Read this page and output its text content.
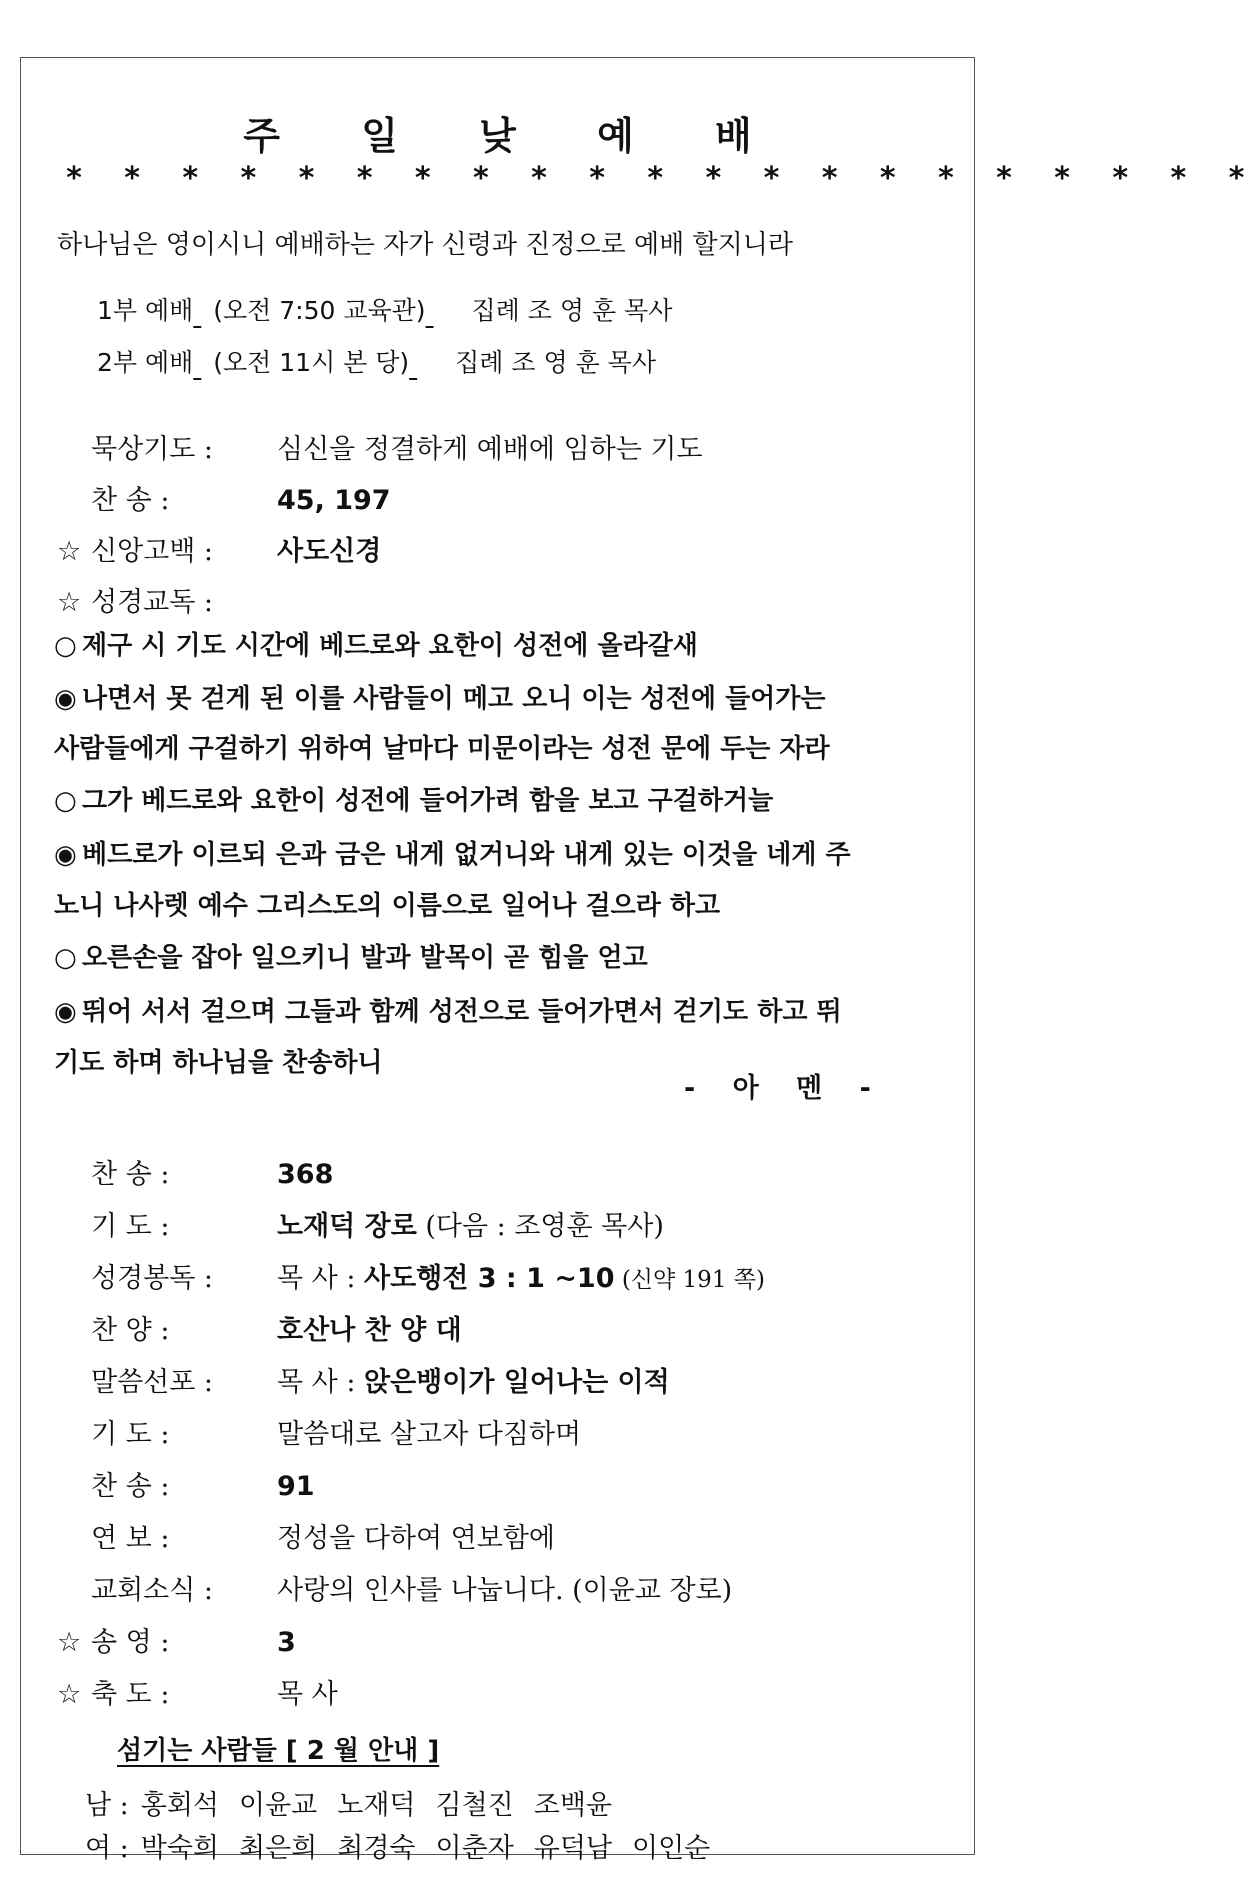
주 일 낮 예 배
* * * * * * * * * * * * * * * * * * * * *
하나님은 영이시니 예배하는 자가 신령과 진정으로 예배 할지니라
1부 예배 (오전 7:50 교육관) 집례 조 영 훈 목사
2부 예배 (오전 11시 본 당) 집례 조 영 훈 목사
묵상기도 : 심신을 정결하게 예배에 임하는 기도
찬 송 :	45, 197
☆ 신앙고백 : 사도신경
☆ 성경교독 :
○ 제구 시 기도 시간에 베드로와 요한이 성전에 올라갈새
◉ 나면서 못 걷게 된 이를 사람들이 메고 오니 이는 성전에 들어가는
사람들에게 구걸하기 위하여 날마다 미문이라는 성전 문에 두는 자라
○ 그가 베드로와 요한이 성전에 들어가려 함을 보고 구걸하거늘
◉ 베드로가 이르되 은과 금은 내게 없거니와 내게 있는 이것을 네게 주
노니 나사렛 예수 그리스도의 이름으로 일어나 걸으라 하고
○ 오른손을 잡아 일으키니 발과 발목이 곧 힘을 얻고
◉ 뛰어 서서 걸으며 그들과 함께 성전으로 들어가면서 걷기도 하고 뛰
기도 하며 하나님을 찬송하니
- 아 멘 -
찬 송 :	368
기 도 :	노재덕 장로 (다음 : 조영훈 목사)
성경봉독 : 목 사 : 사도행전 3 : 1 ~10 (신약 191 쪽)
찬 양 :	호산나 찬 양 대
말씀선포 : 목 사 : 앉은뱅이가 일어나는 이적
기 도 :	말씀대로 살고자 다짐하며
찬 송 :	91
연 보 :	정성을 다하여 연보함에
교회소식 : 사랑의 인사를 나눕니다. (이윤교 장로)
☆ 송 영 :	3
☆ 축 도 :	목 사
섬기는 사람들 [ 2 월 안내 ]
남 : 홍회석 이윤교 노재덕 김철진 조백윤
여 : 박숙희 최은희 최경숙 이춘자 유덕남 이인순
